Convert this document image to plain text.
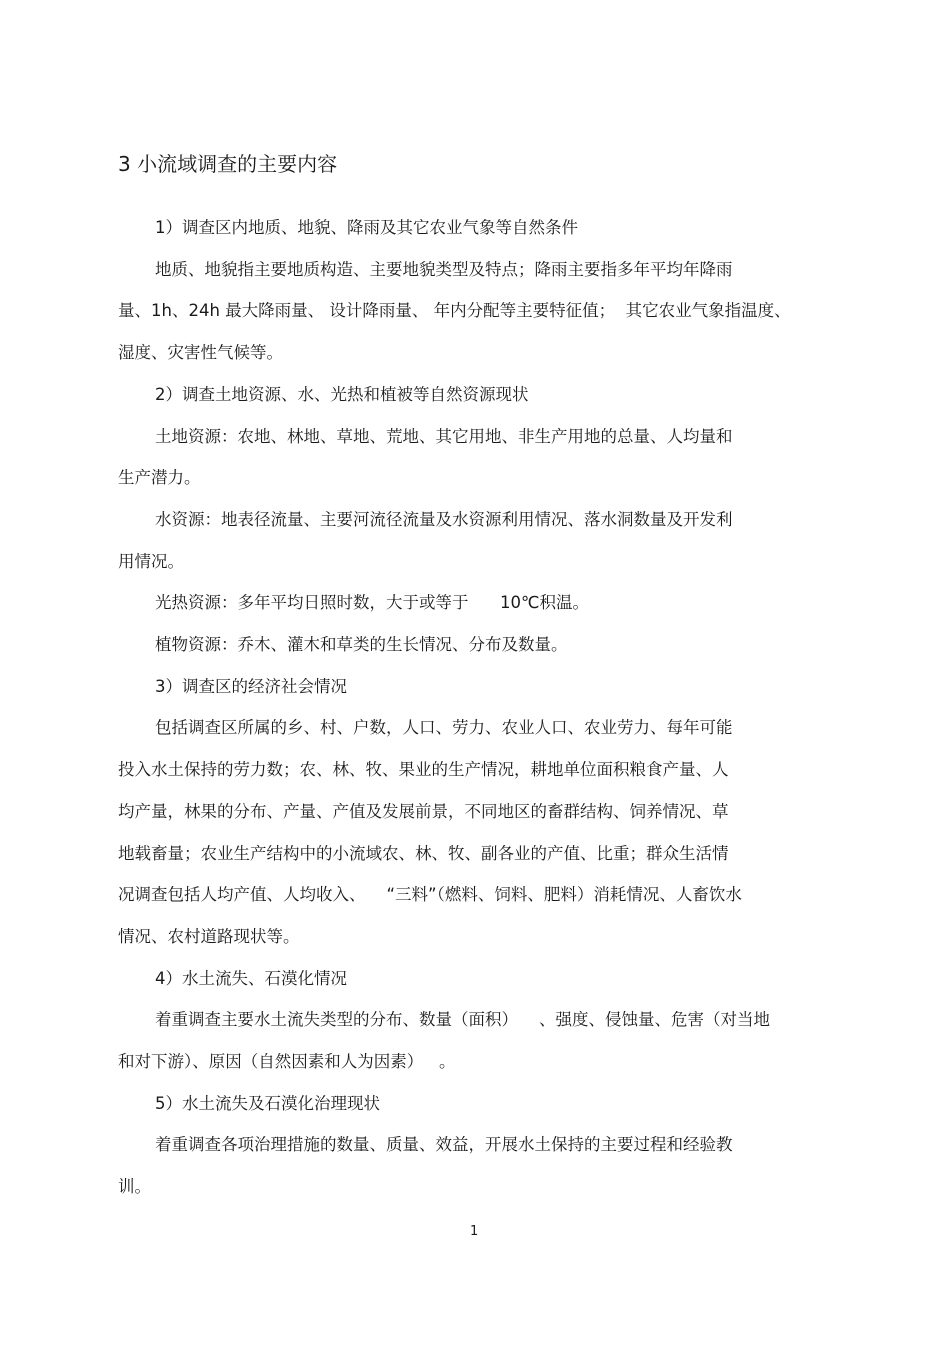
3 小流域调查的主要内容
1）调查区内地质、地貌、降雨及其它农业气象等自然条件
地质、地貌指主要地质构造、主要地貌类型及特点；降雨主要指多年平均年降雨
量、1h、24h 最大降雨量、 设计降雨量、 年内分配等主要特征值；  其它农业气象指温度、
湿度、灾害性气候等。
2）调查土地资源、水、光热和植被等自然资源现状
土地资源：农地、林地、草地、荒地、其它用地、非生产用地的总量、人均量和
生产潜力。
水资源：地表径流量、主要河流径流量及水资源利用情况、落水洞数量及开发利
用情况。
光热资源：多年平均日照时数，大于或等于      10℃积温。
植物资源：乔木、灌木和草类的生长情况、分布及数量。
3）调查区的经济社会情况
包括调查区所属的乡、村、户数，人口、劳力、农业人口、农业劳力、每年可能
投入水土保持的劳力数；农、林、牧、果业的生产情况，耕地单位面积粮食产量、人
均产量，林果的分布、产量、产值及发展前景，不同地区的畜群结构、饲养情况、草
地载畜量；农业生产结构中的小流域农、林、牧、副各业的产值、比重；群众生活情
况调查包括人均产值、人均收入、    “三料”（燃料、饲料、肥料）消耗情况、人畜饮水
情况、农村道路现状等。
4）水土流失、石漠化情况
着重调查主要水土流失类型的分布、数量（面积）    、强度、侵蚀量、危害（对当地
和对下游）、原因（自然因素和人为因素）   。
5）水土流失及石漠化治理现状
着重调查各项治理措施的数量、质量、效益，开展水土保持的主要过程和经验教
训。
1
